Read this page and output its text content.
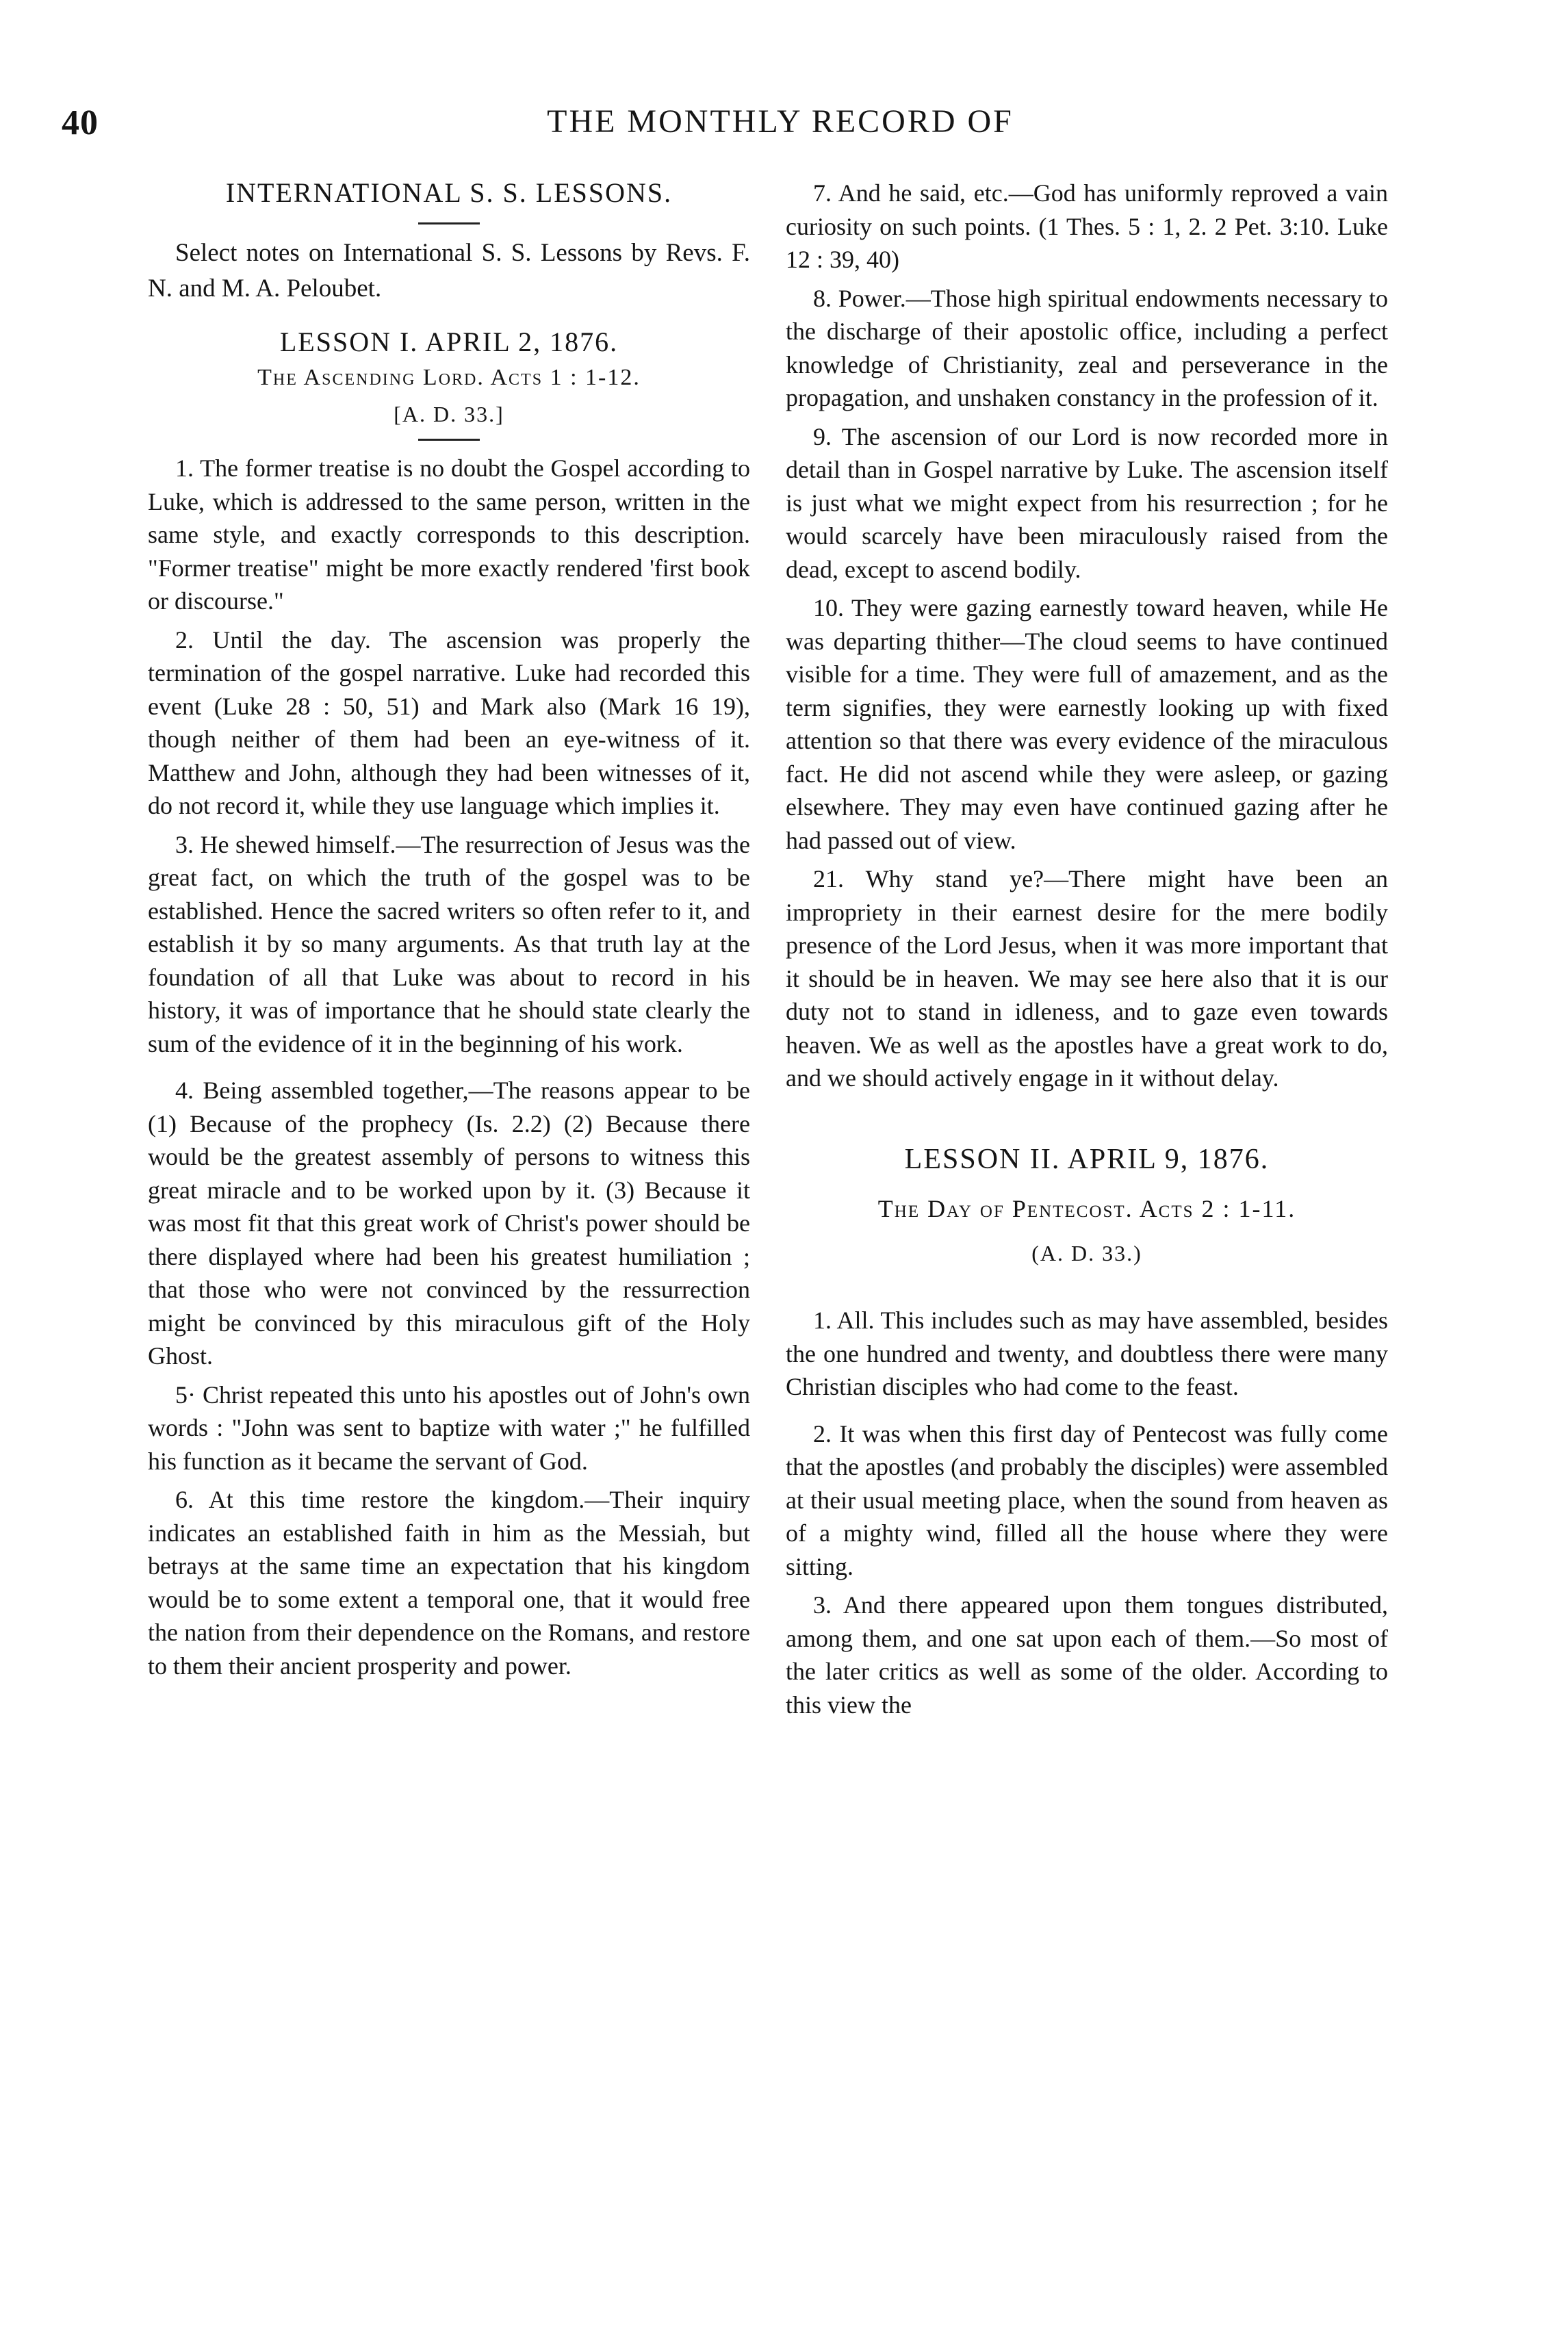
40	THE MONTHLY RECORD OF
INTERNATIONAL S. S. LESSONS.
Select notes on International S. S. Lessons by Revs. F. N. and M. A. Peloubet.
LESSON I. APRIL 2, 1876.
The Ascending Lord. Acts 1 : 1-12.
[A. D. 33.]

1. The former treatise is no doubt the Gospel according to Luke, which is addressed to the same person, written in the same style, and exactly corresponds to this description. "Former treatise" might be more exactly rendered 'first book or discourse."

2. Until the day. The ascension was properly the termination of the gospel narrative. Luke had recorded this event (Luke 28 : 50, 51) and Mark also (Mark 16 19), though neither of them had been an eye-witness of it. Matthew and John, although they had been witnesses of it, do not record it, while they use language which implies it.

3. He shewed himself.—The resurrection of Jesus was the great fact, on which the truth of the gospel was to be established. Hence the sacred writers so often refer to it, and establish it by so many arguments. As that truth lay at the foundation of all that Luke was about to record in his history, it was of importance that he should state clearly the sum of the evidence of it in the beginning of his work.

4. Being assembled together,—The reasons appear to be (1) Because of the prophecy (Is. 2.2) (2) Because there would be the greatest assembly of persons to witness this great miracle and to be worked upon by it. (3) Because it was most fit that this great work of Christ's power should be there displayed where had been his greatest humiliation ; that those who were not convinced by the ressurrection might be convinced by this miraculous gift of the Holy Ghost.

5· Christ repeated this unto his apostles out of John's own words : "John was sent to baptize with water ;" he fulfilled his function as it became the servant of God.

6. At this time restore the kingdom.—Their inquiry indicates an established faith in him as the Messiah, but betrays at the same time an expectation that his kingdom would be to some extent a temporal one, that it would free the nation from their dependence on the Romans, and restore to them their ancient prosperity and power.

7. And he said, etc.—God has uniformly reproved a vain curiosity on such points. (1 Thes. 5 : 1, 2. 2 Pet. 3:10. Luke 12 : 39, 40)

8. Power.—Those high spiritual endowments necessary to the discharge of their apostolic office, including a perfect knowledge of Christianity, zeal and perseverance in the propagation, and unshaken constancy in the profession of it.

9. The ascension of our Lord is now recorded more in detail than in Gospel narrative by Luke. The ascension itself is just what we might expect from his resurrection ; for he would scarcely have been miraculously raised from the dead, except to ascend bodily.

10. They were gazing earnestly toward heaven, while He was departing thither—The cloud seems to have continued visible for a time. They were full of amazement, and as the term signifies, they were earnestly looking up with fixed attention so that there was every evidence of the miraculous fact. He did not ascend while they were asleep, or gazing elsewhere. They may even have continued gazing after he had passed out of view.

21. Why stand ye?—There might have been an impropriety in their earnest desire for the mere bodily presence of the Lord Jesus, when it was more important that it should be in heaven. We may see here also that it is our duty not to stand in idleness, and to gaze even towards heaven. We as well as the apostles have a great work to do, and we should actively engage in it without delay.

LESSON II. APRIL 9, 1876.
The Day of Pentecost. Acts 2 : 1-11.
(A. D. 33.)

1. All. This includes such as may have assembled, besides the one hundred and twenty, and doubtless there were many Christian disciples who had come to the feast.

2. It was when this first day of Pentecost was fully come that the apostles (and probably the disciples) were assembled at their usual meeting place, when the sound from heaven as of a mighty wind, filled all the house where they were sitting.

3. And there appeared upon them tongues distributed, among them, and one sat upon each of them.—So most of the later critics as well as some of the older. According to this view the
